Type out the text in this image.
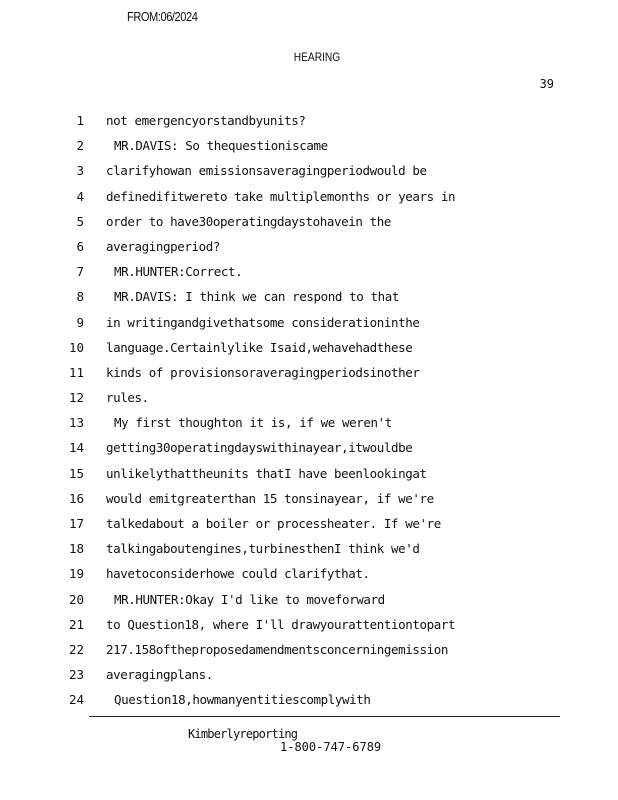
FROM:06/2024
HEARING
39
1 not emergencyorstandbyunits?
2 MR.DAVIS: So thequestioniscame
3 clarifyhowan emissionsaveragingperiodwould be
4 definedifitwereto take multiplemonths or years in
5 order to have30operatingdaystohavein the
6 averagingperiod?
7 MR.HUNTER:Correct.
8 MR.DAVIS: I think we can respond to that
9 in writingandgivethatsome considerationinthe
10 language.Certainlylike Isaid,wehavehadthese
11 kinds of provisionsoraveragingperiodsinother
12 rules.
13 My first thoughton it is, if we weren't
14 getting30operatingdayswithinayear,itwouldbe
15 unlikelythattheunits thatI have beenlookingat
16 would emitgreaterthan 15 tonsinayear, if we're
17 talkedabout a boiler or processheater. If we're
18 talkingaboutengines,turbinesthenI think we'd
19 havetoconsiderhowe could clarifythat.
20 MR.HUNTER:Okay I'd like to moveforward
21 to Question18, where I'll drawyourattentiontopart
22 217.158oftheproposedamendmentsconcerningemission
23 averagingplans.
24 Question18,howmanyentitiescomplywith
Kimberlyreporting
1-800-747-6789
